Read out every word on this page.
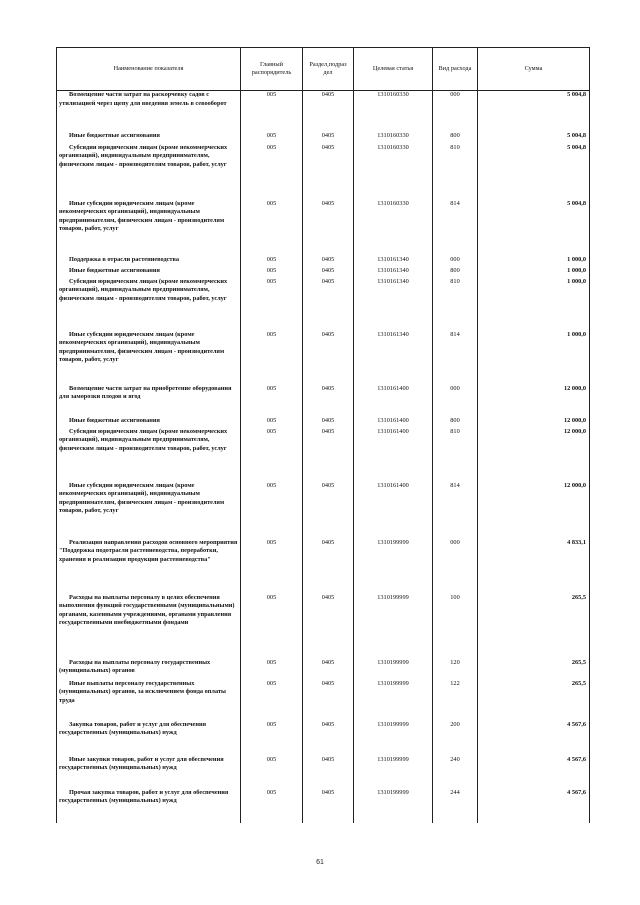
Наименование показателя	Главный распорядитель	Раздел,подраз дел	Целевая статья	Вид расхода	Сумма
Возмещение части затрат на раскорчевку садов с утилизацией через щепу для введения земель в севооборот	005	0405	1310160330	000	5 004,8
Иные бюджетные ассигнования	005	0405	1310160330	800	5 004,8
Субсидии юридическим лицам (кроме некоммерческих организаций), индивидуальным предпринимателям, физическим лицам - производителям товаров, работ, услуг	005	0405	1310160330	810	5 004,8
Иные субсидии юридическим лицам (кроме некоммерческих организаций), индивидуальным предпринимателям, физическим лицам - производителям товаров, работ, услуг	005	0405	1310160330	814	5 004,8
Поддержка в отрасли растениеводства	005	0405	1310161340	000	1 000,0
Иные бюджетные ассигнования	005	0405	1310161340	800	1 000,0
Субсидии юридическим лицам (кроме некоммерческих организаций), индивидуальным предпринимателям, физическим лицам - производителям товаров, работ, услуг	005	0405	1310161340	810	1 000,0
Иные субсидии юридическим лицам (кроме некоммерческих организаций), индивидуальным предпринимателям, физическим лицам - производителям товаров, работ, услуг	005	0405	1310161340	814	1 000,0
Возмещение части затрат на приобретение оборудования для заморозки плодов и ягод	005	0405	1310161400	000	12 000,0
Иные бюджетные ассигнования	005	0405	1310161400	800	12 000,0
Субсидии юридическим лицам (кроме некоммерческих организаций), индивидуальным предпринимателям, физическим лицам - производителям товаров, работ, услуг	005	0405	1310161400	810	12 000,0
Иные субсидии юридическим лицам (кроме некоммерческих организаций), индивидуальным предпринимателям, физическим лицам - производителям товаров, работ, услуг	005	0405	1310161400	814	12 000,0
Реализация направления расходов основного мероприятия "Поддержка подотрасли растениеводства, переработки, хранения и реализации продукции растениеводства"	005	0405	1310199999	000	4 833,1
Расходы на выплаты персоналу в целях обеспечения выполнения функций государственными (муниципальными) органами, казенными учреждениями, органами управления государственными внебюджетными фондами	005	0405	1310199999	100	265,5
Расходы на выплаты персоналу государственных (муниципальных) органов	005	0405	1310199999	120	265,5
Иные выплаты персоналу государственных (муниципальных) органов, за исключением фонда оплаты труда	005	0405	1310199999	122	265,5
Закупка товаров, работ и услуг для обеспечения государственных (муниципальных) нужд	005	0405	1310199999	200	4 567,6
Иные закупки товаров, работ и услуг для обеспечения государственных (муниципальных) нужд	005	0405	1310199999	240	4 567,6
Прочая закупка товаров, работ и услуг для обеспечения государственных (муниципальных) нужд	005	0405	1310199999	244	4 567,6
61
